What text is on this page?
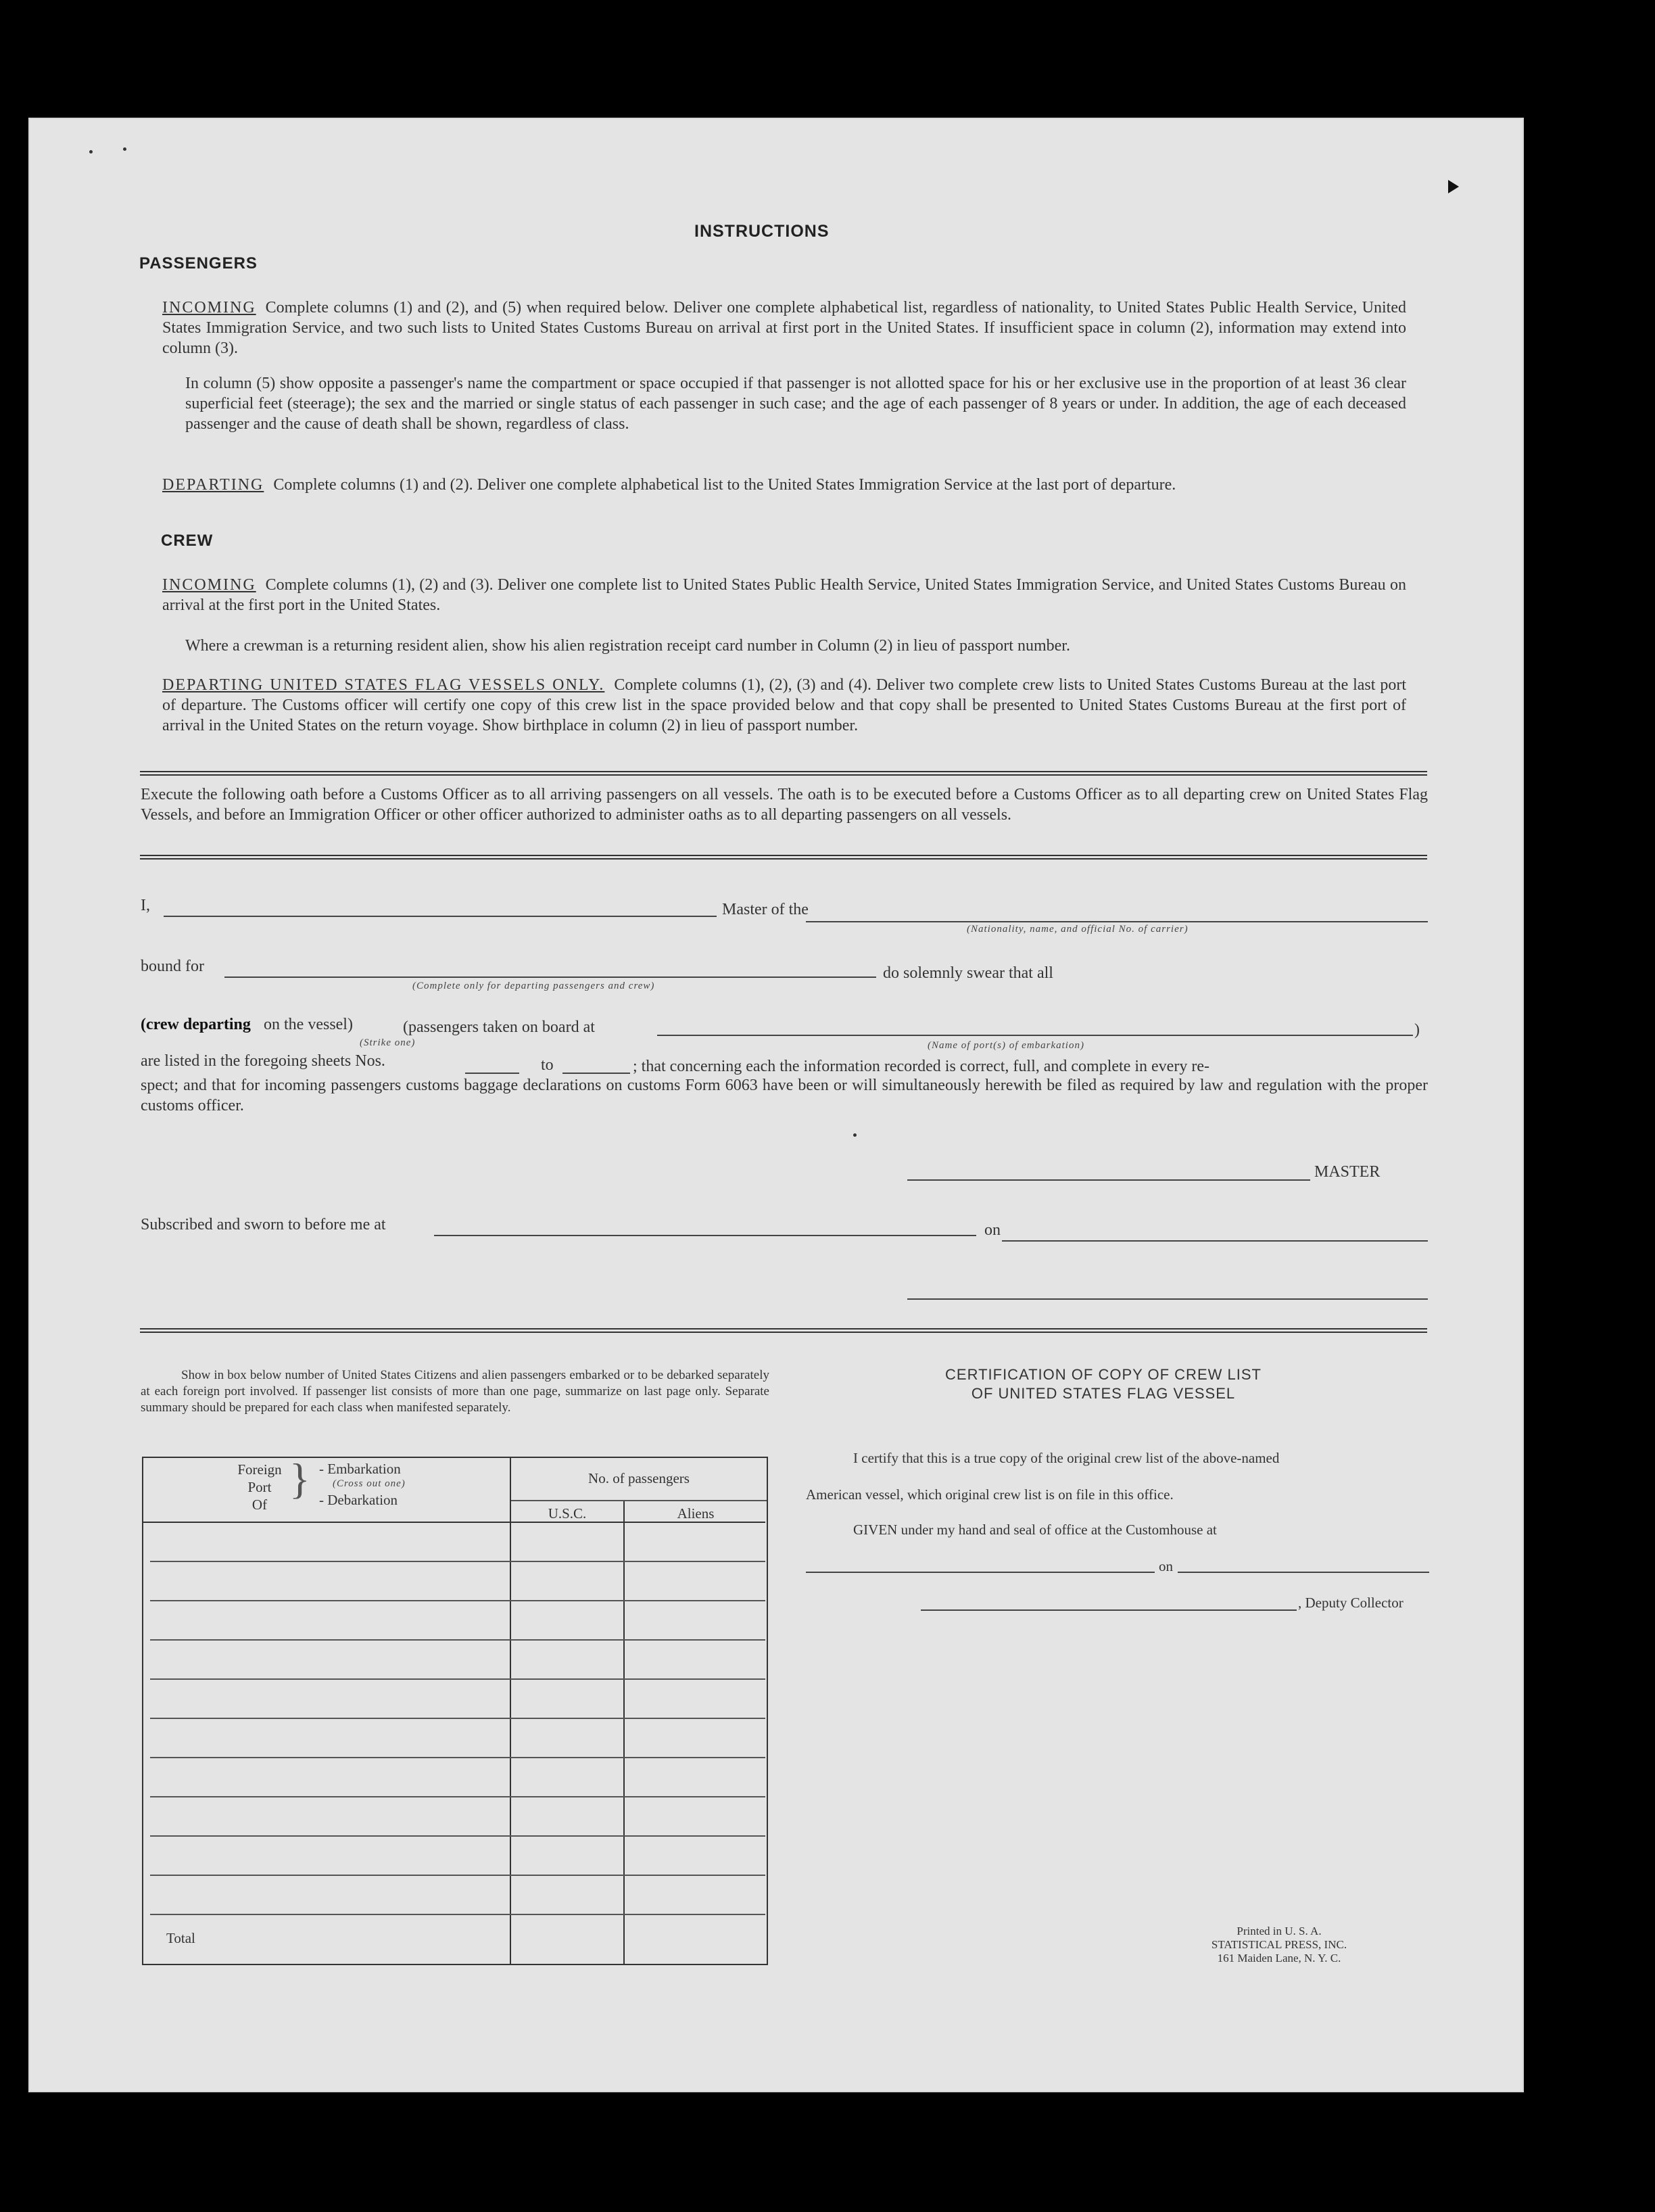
INSTRUCTIONS
PASSENGERS

INCOMING Complete columns (1) and (2), and (5) when required below. Deliver one complete alphabetical list, regardless of nationality, to United States Public Health Service, United States Immigration Service, and two such lists to United States Customs Bureau on arrival at first port in the United States. If insufficient space in column (2), information may extend into column (3).

In column (5) show opposite a passenger's name the compartment or space occupied if that passenger is not allotted space for his or her exclusive use in the proportion of at least 36 clear superficial feet (steerage); the sex and the married or single status of each passenger in such case; and the age of each passenger of 8 years or under. In addition, the age of each deceased passenger and the cause of death shall be shown, regardless of class.

DEPARTING Complete columns (1) and (2). Deliver one complete alphabetical list to the United States Immigration Service at the last port of departure.

CREW

INCOMING Complete columns (1), (2) and (3). Deliver one complete list to United States Public Health Service, United States Immigration Service, and United States Customs Bureau on arrival at the first port in the United States.

Where a crewman is a returning resident alien, show his alien registration receipt card number in Column (2) in lieu of passport number.

DEPARTING UNITED STATES FLAG VESSELS ONLY. Complete columns (1), (2), (3) and (4). Deliver two complete crew lists to United States Customs Bureau at the last port of departure. The Customs officer will certify one copy of this crew list in the space provided below and that copy shall be presented to United States Customs Bureau at the first port of arrival in the United States on the return voyage. Show birthplace in column (2) in lieu of passport number.

Execute the following oath before a Customs Officer as to all arriving passengers on all vessels. The oath is to be executed before a Customs Officer as to all departing crew on United States Flag Vessels, and before an Immigration Officer or other officer authorized to administer oaths as to all departing passengers on all vessels.

I,	Master of the
(Nationality, name, and official No. of carrier)
bound for
(Complete only for departing passengers and crew)
do solemnly swear that all
(crew departing on the vessel)	(passengers taken on board at
(Strike one)
)
(Name of port(s) of embarkation)
are listed in the foregoing sheets Nos.	to	; that concerning each the information recorded is correct, full, and complete in every re-

spect; and that for incoming passengers customs baggage declarations on customs Form 6063 have been or will simultaneously herewith be filed as required by law and regulation with the proper customs officer.

MASTER
Subscribed and sworn to before me at	on
Show in box below number of United States Citizens and alien passengers embarked or to be debarked separately at each foreign port involved. If passenger list consists of more than one page, summarize on last page only. Separate summary should be prepared for each class when manifested separately.
Foreign
Port
Of
} - Embarkation
(Cross out one)
- Debarkation
No. of passengers
U.S.C.	Aliens
Total
CERTIFICATION OF COPY OF CREW LIST
OF UNITED STATES FLAG VESSEL
I certify that this is a true copy of the original crew list of the above-named
American vessel, which original crew list is on file in this office.
GIVEN under my hand and seal of office at the Customhouse at
on
, Deputy Collector
Printed in U. S. A.
STATISTICAL PRESS, INC.
161 Maiden Lane, N. Y. C.
